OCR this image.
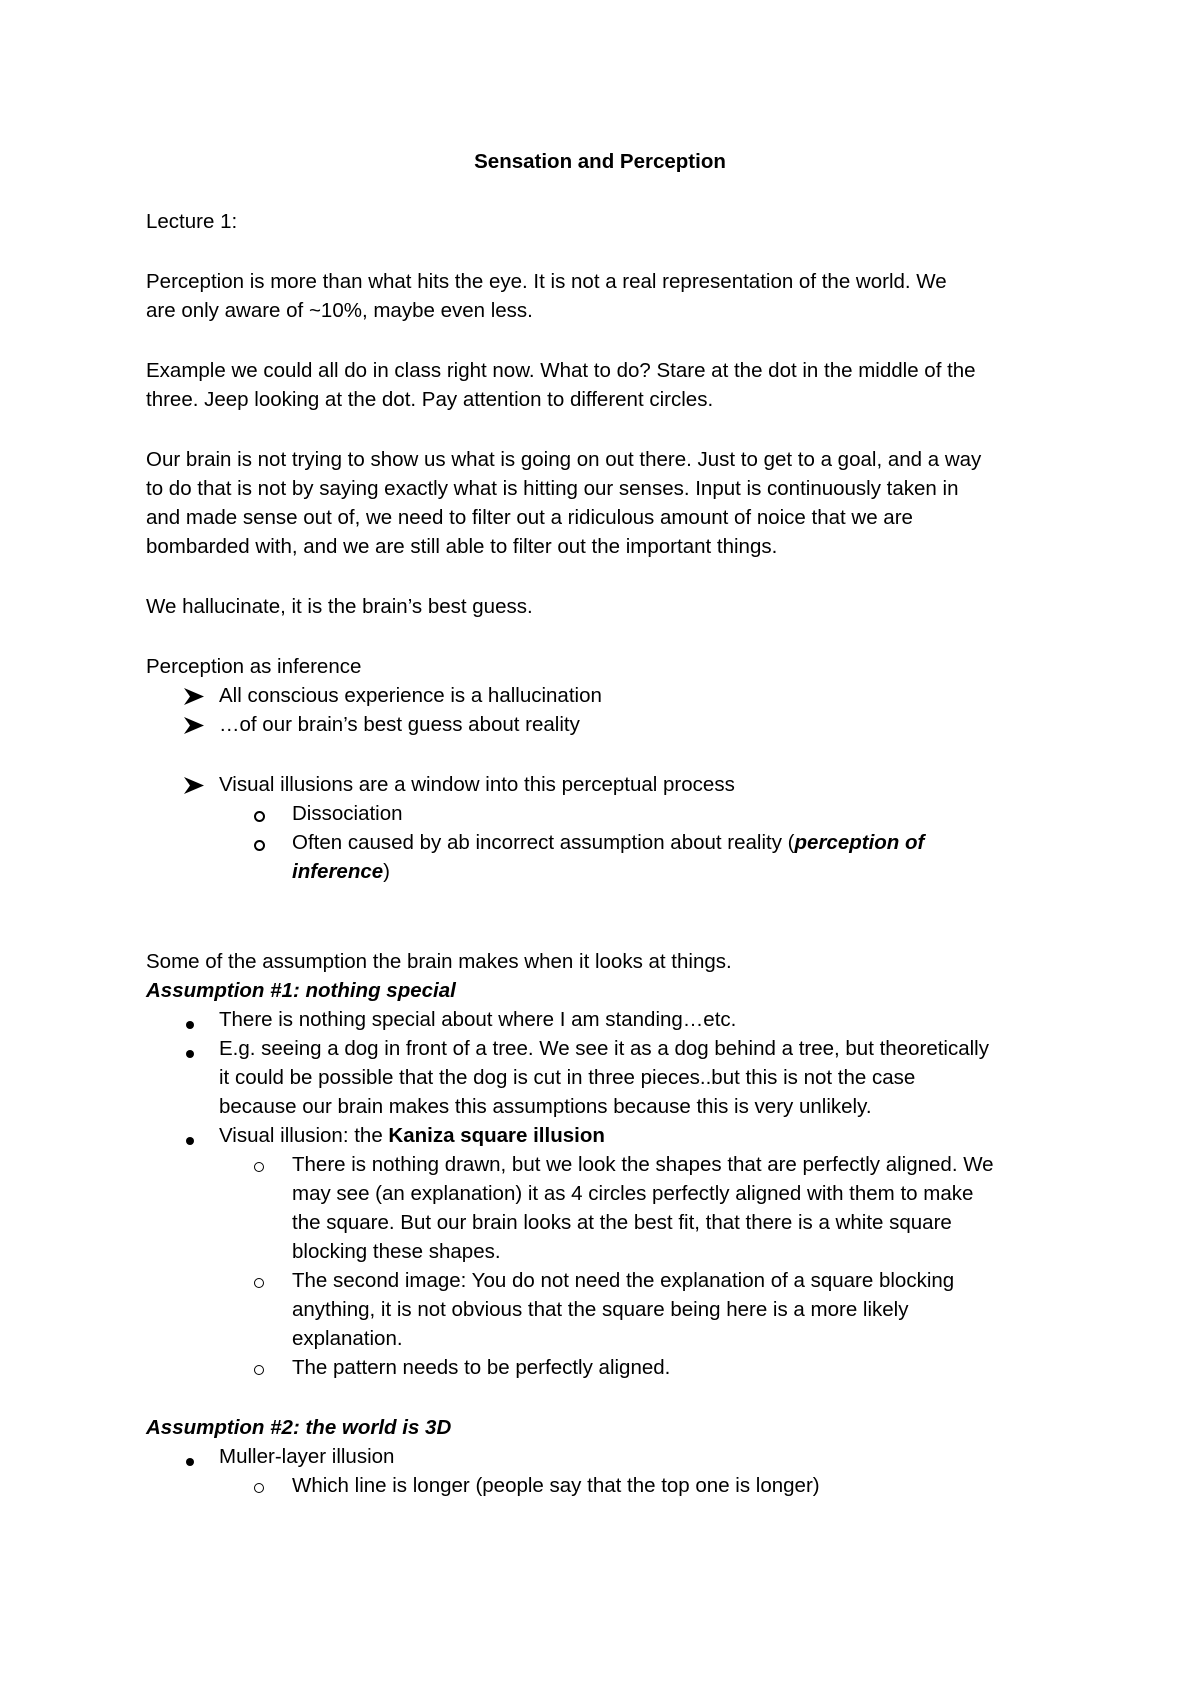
Sensation and Perception
Lecture 1:
Perception is more than what hits the eye. It is not a real representation of the world. We
are only aware of ~10%, maybe even less.
Example we could all do in class right now. What to do? Stare at the dot in the middle of the
three. Jeep looking at the dot. Pay attention to different circles.
Our brain is not trying to show us what is going on out there. Just to get to a goal, and a way
to do that is not by saying exactly what is hitting our senses. Input is continuously taken in
and made sense out of, we need to filter out a ridiculous amount of noice that we are
bombarded with, and we are still able to filter out the important things.
We hallucinate, it is the brain’s best guess.
Perception as inference
All conscious experience is a hallucination
…of our brain’s best guess about reality
Visual illusions are a window into this perceptual process
Dissociation
Often caused by ab incorrect assumption about reality (perception of
inference)
Some of the assumption the brain makes when it looks at things.
Assumption #1: nothing special
There is nothing special about where I am standing…etc.
E.g. seeing a dog in front of a tree. We see it as a dog behind a tree, but theoretically
it could be possible that the dog is cut in three pieces..but this is not the case
because our brain makes this assumptions because this is very unlikely.
Visual illusion: the Kaniza square illusion
There is nothing drawn, but we look the shapes that are perfectly aligned. We
may see (an explanation) it as 4 circles perfectly aligned with them to make
the square. But our brain looks at the best fit, that there is a white square
blocking these shapes.
The second image: You do not need the explanation of a square blocking
anything, it is not obvious that the square being here is a more likely
explanation.
The pattern needs to be perfectly aligned.
Assumption #2: the world is 3D
Muller-layer illusion
Which line is longer (people say that the top one is longer)
